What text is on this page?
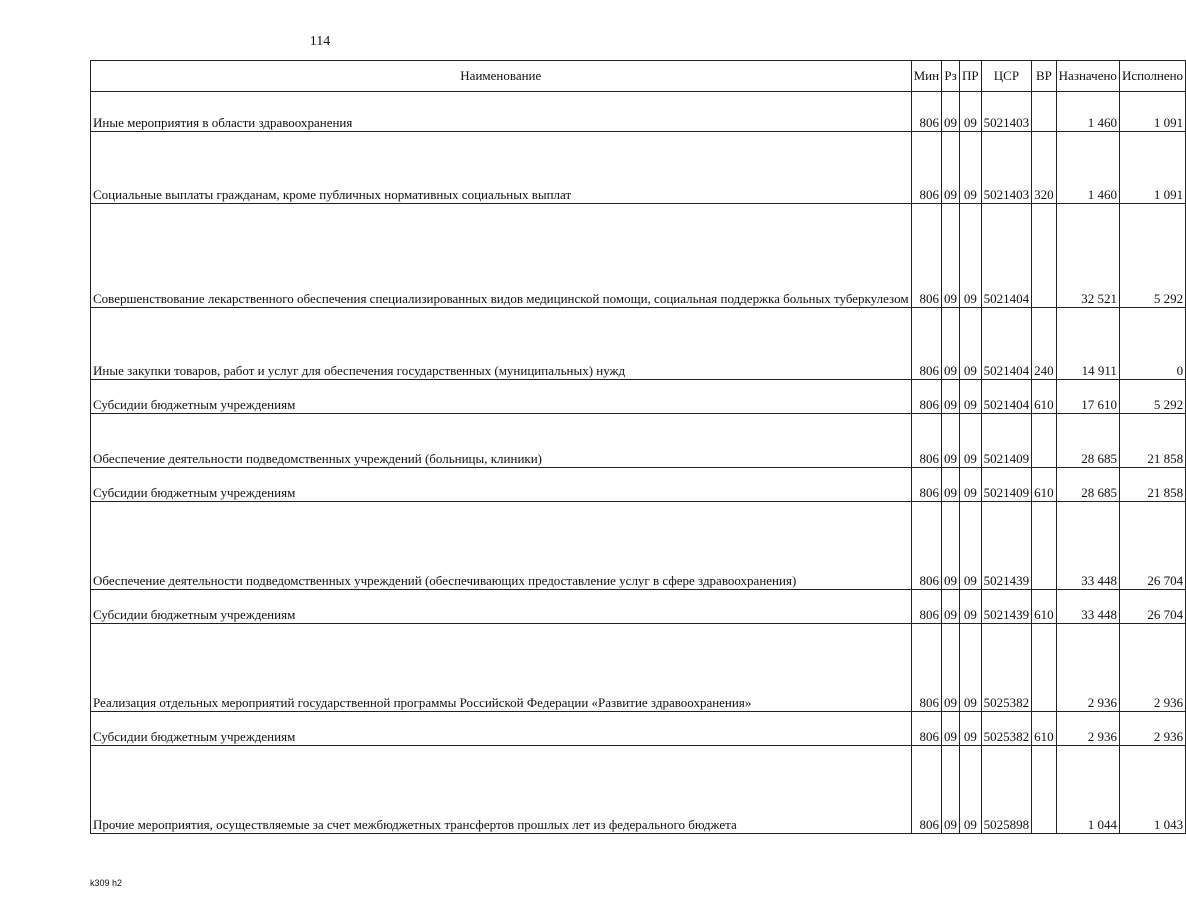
114
Наименование	Мин	Рз	ПР	ЦСР	ВР	Назначено	Исполнено
Иные мероприятия в области здравоохранения	806	09	09	5021403		1 460	1 091
Социальные выплаты гражданам, кроме публичных нормативных социальных выплат	806	09	09	5021403	320	1 460	1 091
Совершенствование лекарственного обеспечения специализированных видов медицинской помощи, социальная поддержка больных туберкулезом	806	09	09	5021404		32 521	5 292
Иные закупки товаров, работ и услуг для обеспечения государственных (муниципальных) нужд	806	09	09	5021404	240	14 911	0
Субсидии бюджетным учреждениям	806	09	09	5021404	610	17 610	5 292
Обеспечение деятельности подведомственных учреждений (больницы, клиники)	806	09	09	5021409		28 685	21 858
Субсидии бюджетным учреждениям	806	09	09	5021409	610	28 685	21 858
Обеспечение деятельности подведомственных учреждений (обеспечивающих предоставление услуг в сфере здравоохранения)	806	09	09	5021439		33 448	26 704
Субсидии бюджетным учреждениям	806	09	09	5021439	610	33 448	26 704
Реализация отдельных мероприятий государственной программы Российской Федерации «Развитие здравоохранения»	806	09	09	5025382		2 936	2 936
Субсидии бюджетным учреждениям	806	09	09	5025382	610	2 936	2 936
Прочие мероприятия, осуществляемые за счет межбюджетных трансфертов прошлых лет из федерального бюджета	806	09	09	5025898		1 044	1 043
k309 h2
